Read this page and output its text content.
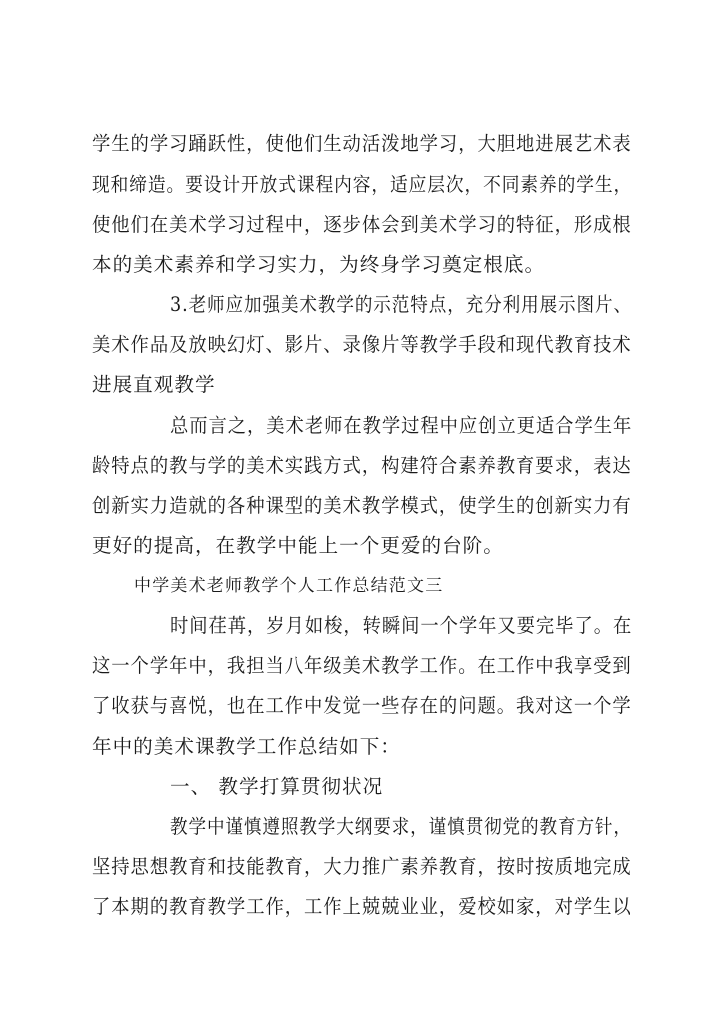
学生的学习踊跃性，使他们生动活泼地学习，大胆地进展艺术表
现和缔造。要设计开放式课程内容，适应层次，不同素养的学生，
使他们在美术学习过程中，逐步体会到美术学习的特征，形成根
本的美术素养和学习实力，为终身学习奠定根底。
3.老师应加强美术教学的示范特点，充分利用展示图片、
美术作品及放映幻灯、影片、录像片等教学手段和现代教育技术
进展直观教学
总而言之，美术老师在教学过程中应创立更适合学生年
龄特点的教与学的美术实践方式，构建符合素养教育要求，表达
创新实力造就的各种课型的美术教学模式，使学生的创新实力有
更好的提高，在教学中能上一个更爱的台阶。
中学美术老师教学个人工作总结范文三
时间荏苒，岁月如梭，转瞬间一个学年又要完毕了。在
这一个学年中，我担当八年级美术教学工作。在工作中我享受到
了收获与喜悦，也在工作中发觉一些存在的问题。我对这一个学
年中的美术课教学工作总结如下：
一、 教学打算贯彻状况
教学中谨慎遵照教学大纲要求，谨慎贯彻党的教育方针，
坚持思想教育和技能教育，大力推广素养教育，按时按质地完成
了本期的教育教学工作，工作上兢兢业业，爱校如家，对学生以
